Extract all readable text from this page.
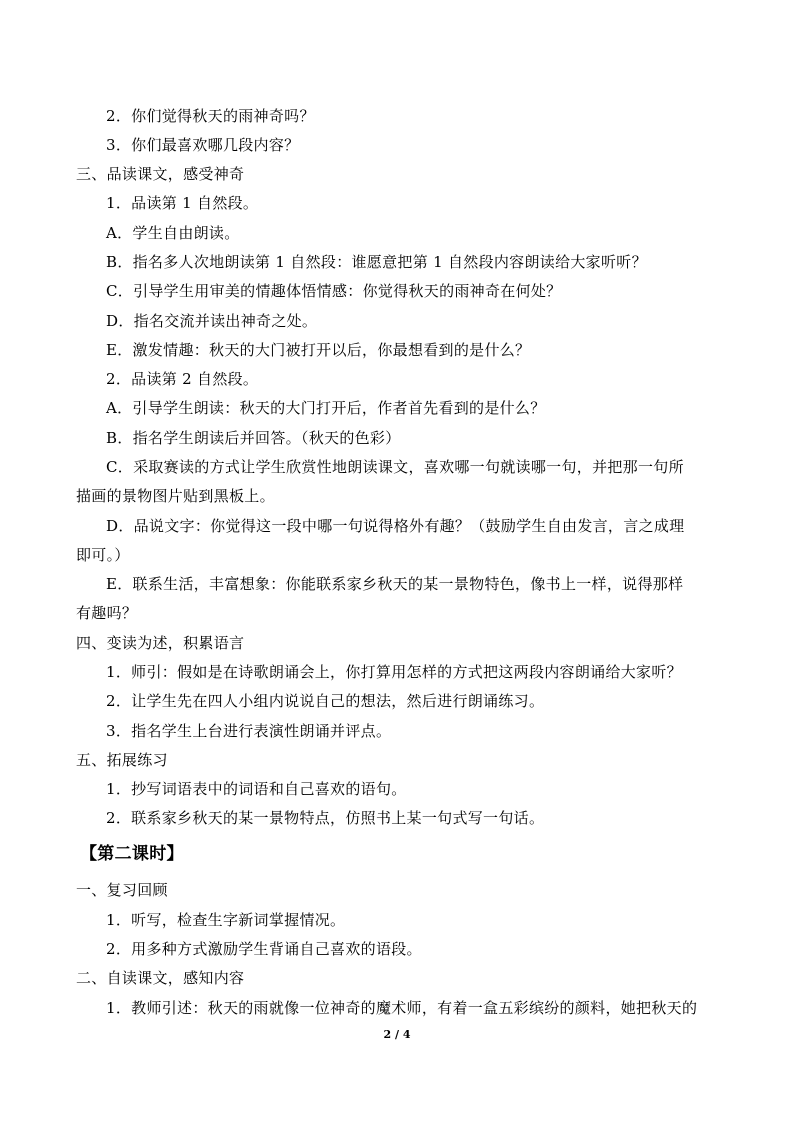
2．你们觉得秋天的雨神奇吗？
3．你们最喜欢哪几段内容？
三、品读课文，感受神奇
1．品读第 1 自然段。
A．学生自由朗读。
B．指名多人次地朗读第 1 自然段：谁愿意把第 1 自然段内容朗读给大家听听？
C．引导学生用审美的情趣体悟情感：你觉得秋天的雨神奇在何处？
D．指名交流并读出神奇之处。
E．激发情趣：秋天的大门被打开以后，你最想看到的是什么？
2．品读第 2 自然段。
A．引导学生朗读：秋天的大门打开后，作者首先看到的是什么？
B．指名学生朗读后并回答。（秋天的色彩）
C．采取赛读的方式让学生欣赏性地朗读课文，喜欢哪一句就读哪一句，并把那一句所
描画的景物图片贴到黑板上。
D．品说文字：你觉得这一段中哪一句说得格外有趣？（鼓励学生自由发言，言之成理
即可。）
E．联系生活，丰富想象：你能联系家乡秋天的某一景物特色，像书上一样，说得那样
有趣吗？
四、变读为述，积累语言
1．师引：假如是在诗歌朗诵会上，你打算用怎样的方式把这两段内容朗诵给大家听？
2．让学生先在四人小组内说说自己的想法，然后进行朗诵练习。
3．指名学生上台进行表演性朗诵并评点。
五、拓展练习
1．抄写词语表中的词语和自己喜欢的语句。
2．联系家乡秋天的某一景物特点，仿照书上某一句式写一句话。
【第二课时】
一、复习回顾
1．听写，检查生字新词掌握情况。
2．用多种方式激励学生背诵自己喜欢的语段。
二、自读课文，感知内容
1．教师引述：秋天的雨就像一位神奇的魔术师，有着一盒五彩缤纷的颜料，她把秋天的
2 / 4
